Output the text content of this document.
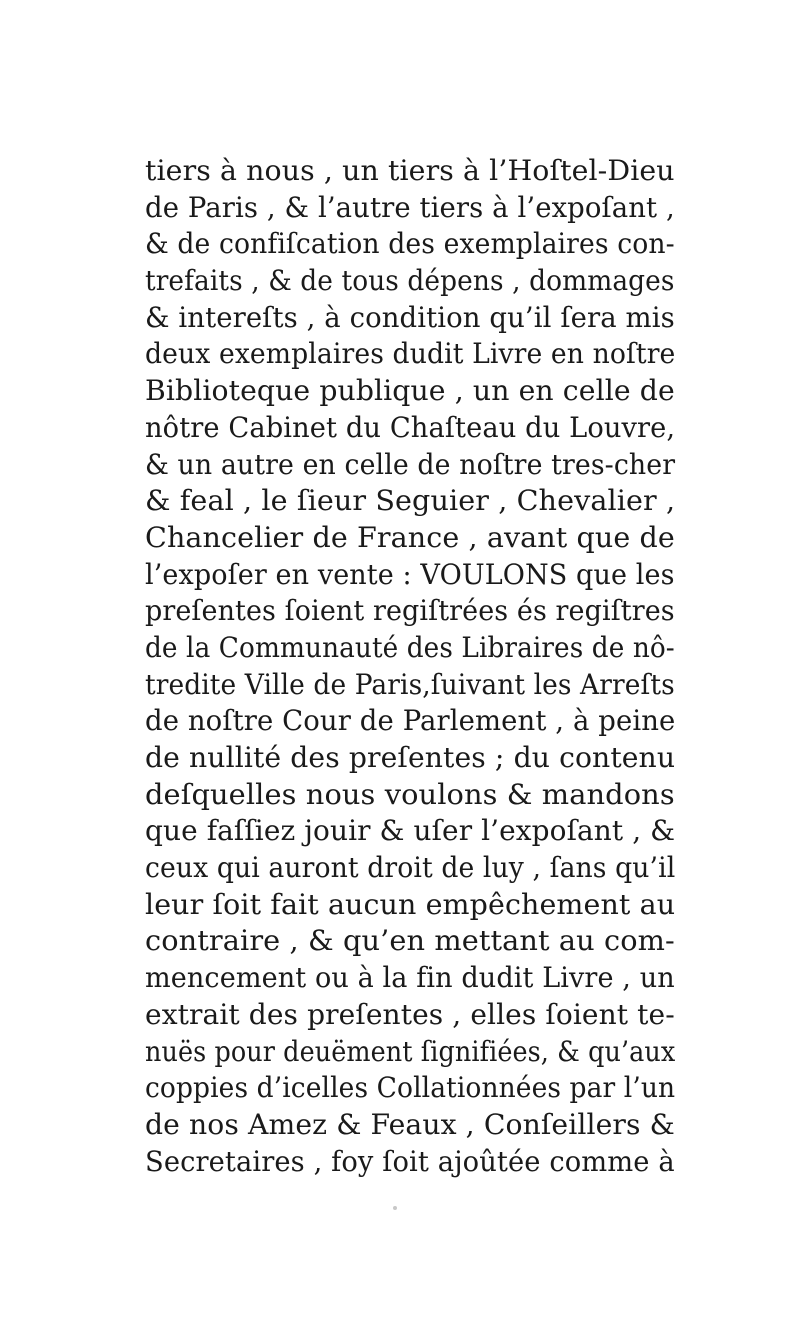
tiers à nous , un tiers à l’Hoſtel-Dieu
de Paris , & l’autre tiers à l’expoſant ,
& de confiſcation des exemplaires con-
trefaits , & de tous dépens , dommages
& intereſts , à condition qu’il ſera mis
deux exemplaires dudit Livre en noſtre
Biblioteque publique , un en celle de
nôtre Cabinet du Chaſteau du Louvre,
& un autre en celle de noſtre tres-cher
& feal , le ſieur Seguier , Chevalier ,
Chancelier de France , avant que de
l’expoſer en vente : VOULONS que les
preſentes ſoient regiſtrées és regiſtres
de la Communauté des Libraires de nô-
tredite Ville de Paris,ſuivant les Arreſts
de noſtre Cour de Parlement , à peine
de nullité des preſentes ; du contenu
deſquelles nous voulons & mandons
que faſſiez jouir & uſer l’expoſant , &
ceux qui auront droit de luy , ſans qu’il
leur ſoit fait aucun empêchement au
contraire , & qu’en mettant au com-
mencement ou à la fin dudit Livre , un
extrait des preſentes , elles ſoient te-
nuës pour deuëment ſignifiées, & qu’aux
coppies d’icelles Collationnées par l’un
de nos Amez & Feaux , Conſeillers &
Secretaires , foy ſoit ajoûtée comme à
